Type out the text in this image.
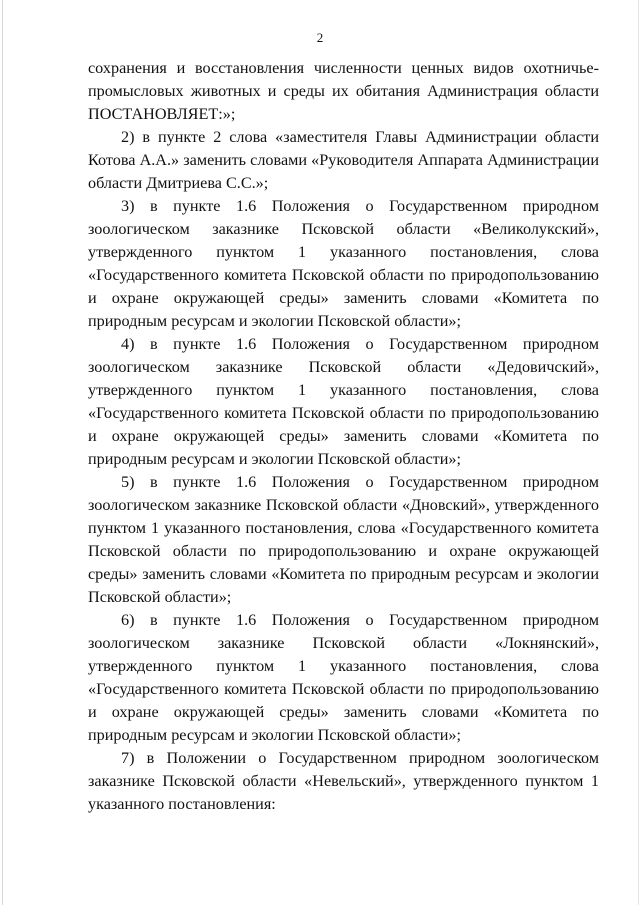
2
сохранения и восстановления численности ценных видов охотничье-
промысловых животных и среды их обитания Администрация области
ПОСТАНОВЛЯЕТ:»;
2) в пункте 2 слова «заместителя Главы Администрации области
Котова А.А.» заменить словами «Руководителя Аппарата Администрации
области Дмитриева С.С.»;
3) в пункте 1.6 Положения о Государственном природном
зоологическом заказнике Псковской области «Великолукский»,
утвержденного пунктом 1 указанного постановления, слова
«Государственного комитета Псковской области по природопользованию
и охране окружающей среды» заменить словами «Комитета по
природным ресурсам и экологии Псковской области»;
4) в пункте 1.6 Положения о Государственном природном
зоологическом заказнике Псковской области «Дедовичский»,
утвержденного пунктом 1 указанного постановления, слова
«Государственного комитета Псковской области по природопользованию
и охране окружающей среды» заменить словами «Комитета по
природным ресурсам и экологии Псковской области»;
5) в пункте 1.6 Положения о Государственном природном
зоологическом заказнике Псковской области «Дновский», утвержденного
пунктом 1 указанного постановления, слова «Государственного комитета
Псковской области по природопользованию и охране окружающей
среды» заменить словами «Комитета по природным ресурсам и экологии
Псковской области»;
6) в пункте 1.6 Положения о Государственном природном
зоологическом заказнике Псковской области «Локнянский»,
утвержденного пунктом 1 указанного постановления, слова
«Государственного комитета Псковской области по природопользованию
и охране окружающей среды» заменить словами «Комитета по
природным ресурсам и экологии Псковской области»;
7) в Положении о Государственном природном зоологическом
заказнике Псковской области «Невельский», утвержденного пунктом 1
указанного постановления:
